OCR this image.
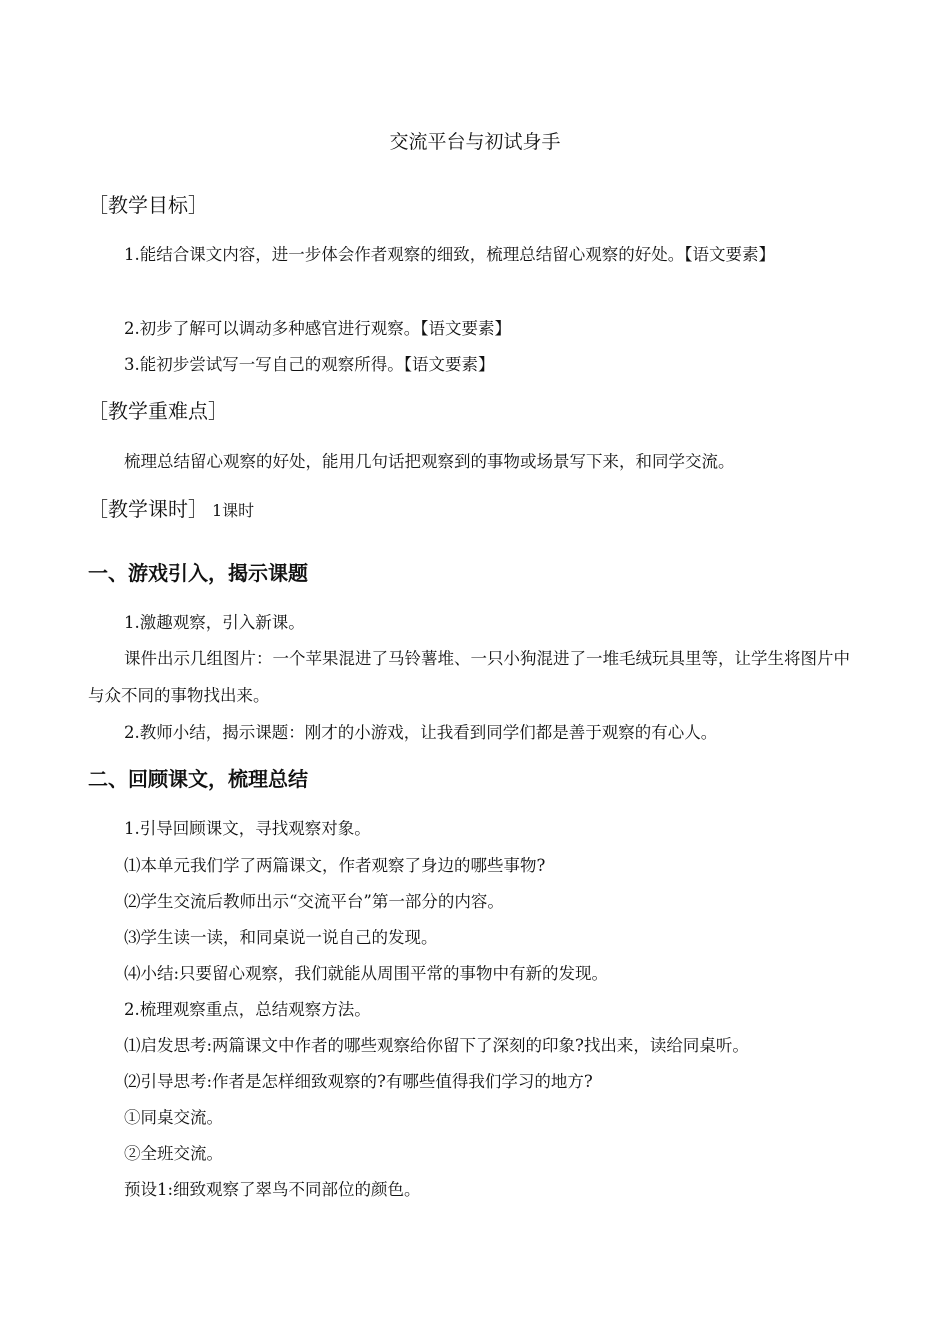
交流平台与初试身手
［教学目标］

1.能结合课文内容，进一步体会作者观察的细致，梳理总结留心观察的好处。【语文要素】

2.初步了解可以调动多种感官进行观察。【语文要素】

3.能初步尝试写一写自己的观察所得。【语文要素】

［教学重难点］

梳理总结留心观察的好处，能用几句话把观察到的事物或场景写下来，和同学交流。

［教学课时］ 1课时
一、游戏引入，揭示课题

1.激趣观察，引入新课。

课件出示几组图片：一个苹果混进了马铃薯堆、一只小狗混进了一堆毛绒玩具里等，让学生将图片中与众不同的事物找出来。

2.教师小结，揭示课题：刚才的小游戏，让我看到同学们都是善于观察的有心人。

二、回顾课文，梳理总结

1.引导回顾课文，寻找观察对象。

⑴本单元我们学了两篇课文，作者观察了身边的哪些事物?

⑵学生交流后教师出示“交流平台”第一部分的内容。

⑶学生读一读，和同桌说一说自己的发现。

⑷小结:只要留心观察，我们就能从周围平常的事物中有新的发现。

2.梳理观察重点，总结观察方法。

⑴启发思考:两篇课文中作者的哪些观察给你留下了深刻的印象?找出来，读给同桌听。

⑵引导思考:作者是怎样细致观察的?有哪些值得我们学习的地方?

①同桌交流。

②全班交流。

预设1:细致观察了翠鸟不同部位的颜色。
